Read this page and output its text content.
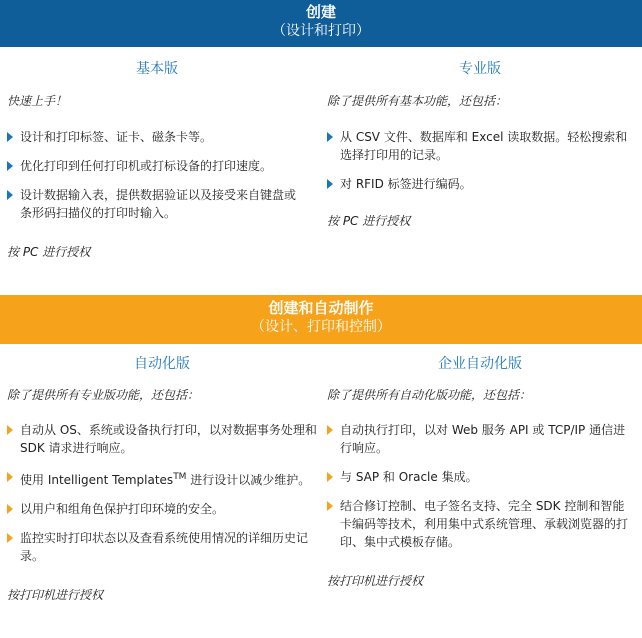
创建
（设计和打印）
基本版
快速上手！
设计和打印标签、证卡、磁条卡等。
优化打印到任何打印机或打标设备的打印速度。
设计数据输入表，提供数据验证以及接受来自键盘或条形码扫描仪的打印时输入。
按 PC 进行授权
专业版
除了提供所有基本功能，还包括：
从 CSV 文件、数据库和 Excel 读取数据。轻松搜索和选择打印用的记录。
对 RFID 标签进行编码。
按 PC 进行授权
创建和自动制作
（设计、打印和控制）
自动化版
除了提供所有专业版功能，还包括：
自动从 OS、系统或设备执行打印，以对数据事务处理和 SDK 请求进行响应。
使用 Intelligent Templates™ 进行设计以减少维护。
以用户和组角色保护打印环境的安全。
监控实时打印状态以及查看系统使用情况的详细历史记录。
按打印机进行授权
企业自动化版
除了提供所有自动化版功能，还包括：
自动执行打印，以对 Web 服务 API 或 TCP/IP 通信进行响应。
与 SAP 和 Oracle 集成。
结合修订控制、电子签名支持、完全 SDK 控制和智能卡编码等技术，利用集中式系统管理、承载浏览器的打印、集中式模板存储。
按打印机进行授权
